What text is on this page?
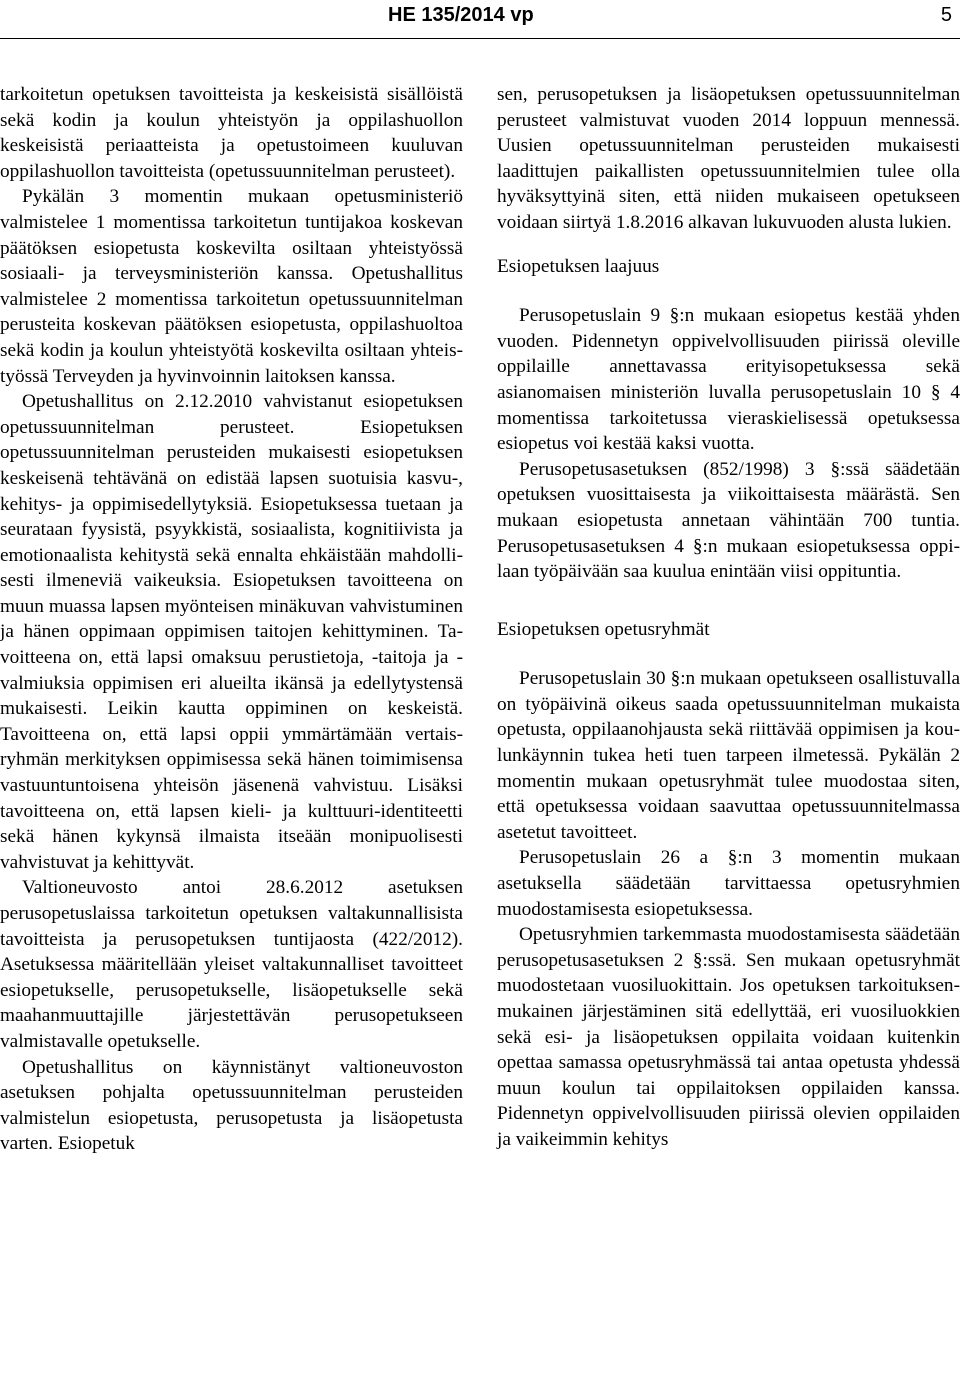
HE 135/2014 vp	5

tarkoitetun opetuksen tavoitteista ja keskeisistä sisällöistä sekä kodin ja koulun yhteistyön ja oppilashuollon keskeisistä periaatteista ja opetustoimeen kuuluvan oppilashuollon tavoitteista (opetussuunnitelman perusteet).

Pykälän 3 momentin mukaan opetusministeriö valmistelee 1 momentissa tarkoitetun tuntijakoa koskevan päätöksen esiopetusta koskevilta osiltaan yhteistyössä sosiaali- ja terveysministeriön kanssa. Opetushallitus valmistelee 2 momentissa tarkoitetun opetussuunnitelman perusteita koskevan päätöksen esiopetusta, oppilashuoltoa sekä kodin ja koulun yhteistyötä koskevilta osiltaan yhteistyössä Terveyden ja hyvinvoinnin laitoksen kanssa.

Opetushallitus on 2.12.2010 vahvistanut esiopetuksen opetussuunnitelman perusteet. Esiopetuksen opetussuunnitelman perusteiden mukaisesti esiopetuksen keskeisenä tehtävänä on edistää lapsen suotuisia kasvu-, kehitys- ja oppimisedellytyksiä. Esiopetuksessa tuetaan ja seurataan fyysistä, psyykkistä, sosiaalista, kognitiivista ja emotionaalista kehitystä sekä ennalta ehkäistään mahdollisesti ilmeneviä vaikeuksia. Esiopetuksen tavoitteena on muun muassa lapsen myönteisen minäkuvan vahvistuminen ja hänen oppimaan oppimisen taitojen kehittyminen. Tavoitteena on, että lapsi omaksuu perustietoja, -taitoja ja -valmiuksia oppimisen eri alueilta ikänsä ja edellytystensä mukaisesti. Leikin kautta oppiminen on keskeistä. Tavoitteena on, että lapsi oppii ymmärtämään vertaisryhmän merkityksen oppimisessa sekä hänen toimimisensa vastuuntuntoisena yhteisön jäsenenä vahvistuu. Lisäksi tavoitteena on, että lapsen kieli- ja kulttuuri-identiteetti sekä hänen kykynsä ilmaista itseään monipuolisesti vahvistuvat ja kehittyvät.

Valtioneuvosto antoi 28.6.2012 asetuksen perusopetuslaissa tarkoitetun opetuksen valtakunnallisista tavoitteista ja perusopetuksen tuntijaosta (422/2012). Asetuksessa määritellään yleiset valtakunnalliset tavoitteet esiopetukselle, perusopetukselle, lisäopetukselle sekä maahanmuuttajille järjestettävän perusopetukseen valmistavalle opetukselle.

Opetushallitus on käynnistänyt valtioneuvoston asetuksen pohjalta opetussuunnitelman perusteiden valmistelun esiopetusta, perusopetusta ja lisäopetusta varten. Esiopetuk

sen, perusopetuksen ja lisäopetuksen opetussuunnitelman perusteet valmistuvat vuoden 2014 loppuun mennessä. Uusien opetussuunnitelman perusteiden mukaisesti laadittujen paikallisten opetussuunnitelmien tulee olla hyväksyttyinä siten, että niiden mukaiseen opetukseen voidaan siirtyä 1.8.2016 alkavan lukuvuoden alusta lukien.

Esiopetuksen laajuus

Perusopetuslain 9 §:n mukaan esiopetus kestää yhden vuoden. Pidennetyn oppivelvollisuuden piirissä oleville oppilaille annettavassa erityisopetuksessa sekä asianomaisen ministeriön luvalla perusopetuslain 10 § 4 momentissa tarkoitetussa vieraskielisessä opetuksessa esiopetus voi kestää kaksi vuotta.

Perusopetusasetuksen (852/1998) 3 §:ssä säädetään opetuksen vuosittaisesta ja viikoittaisesta määrästä. Sen mukaan esiopetusta annetaan vähintään 700 tuntia. Perusopetusasetuksen 4 §:n mukaan esiopetuksessa oppilaan työpäivään saa kuulua enintään viisi oppituntia.

Esiopetuksen opetusryhmät

Perusopetuslain 30 §:n mukaan opetukseen osallistuvalla on työpäivinä oikeus saada opetussuunnitelman mukaista opetusta, oppilaanohjausta sekä riittävää oppimisen ja koulunkäynnin tukea heti tuen tarpeen ilmetessä. Pykälän 2 momentin mukaan opetusryhmät tulee muodostaa siten, että opetuksessa voidaan saavuttaa opetussuunnitelmassa asetetut tavoitteet.

Perusopetuslain 26 a §:n 3 momentin mukaan asetuksella säädetään tarvittaessa opetusryhmien muodostamisesta esiopetuksessa.

Opetusryhmien tarkemmasta muodostamisesta säädetään perusopetusasetuksen 2 §:ssä. Sen mukaan opetusryhmät muodostetaan vuosiluokittain. Jos opetuksen tarkoituksenmukainen järjestäminen sitä edellyttää, eri vuosiluokkien sekä esi- ja lisäopetuksen oppilaita voidaan kuitenkin opettaa samassa opetusryhmässä tai antaa opetusta yhdessä muun koulun tai oppilaitoksen oppilaiden kanssa. Pidennetyn oppivelvollisuuden piirissä olevien oppilaiden ja vaikeimmin kehitys
